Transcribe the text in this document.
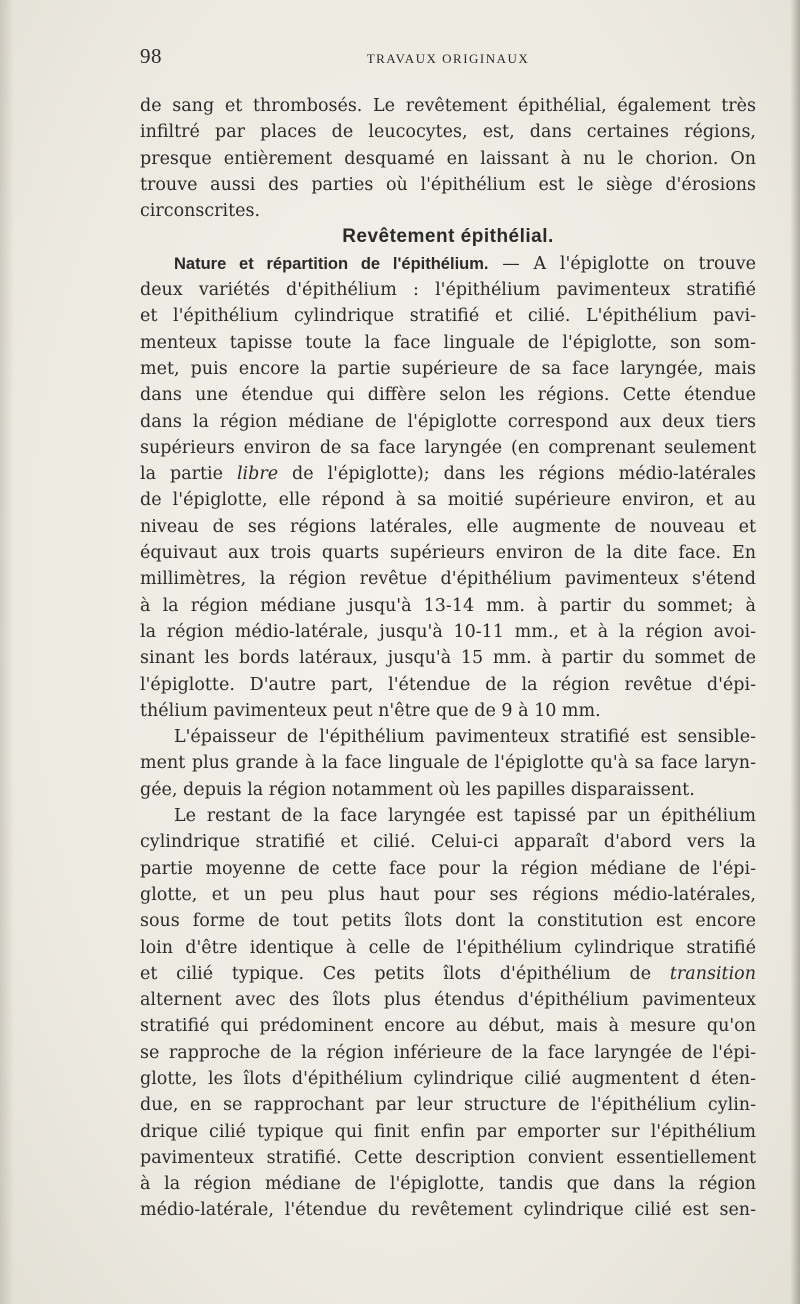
98	TRAVAUX ORIGINAUX
de sang et thrombosés. Le revêtement épithélial, également très
infiltré par places de leucocytes, est, dans certaines régions,
presque entièrement desquamé en laissant à nu le chorion. On
trouve aussi des parties où l'épithélium est le siège d'érosions
circonscrites.
Revêtement épithélial.
Nature et répartition de l'épithélium. — A l'épiglotte on trouve
deux variétés d'épithélium : l'épithélium pavimenteux stratifié
et l'épithélium cylindrique stratifié et cilié. L'épithélium pavi-
menteux tapisse toute la face linguale de l'épiglotte, son som-
met, puis encore la partie supérieure de sa face laryngée, mais
dans une étendue qui diffère selon les régions. Cette étendue
dans la région médiane de l'épiglotte correspond aux deux tiers
supérieurs environ de sa face laryngée (en comprenant seulement
la partie libre de l'épiglotte); dans les régions médio-latérales
de l'épiglotte, elle répond à sa moitié supérieure environ, et au
niveau de ses régions latérales, elle augmente de nouveau et
équivaut aux trois quarts supérieurs environ de la dite face. En
millimètres, la région revêtue d'épithélium pavimenteux s'étend
à la région médiane jusqu'à 13-14 mm. à partir du sommet; à
la région médio-latérale, jusqu'à 10-11 mm., et à la région avoi-
sinant les bords latéraux, jusqu'à 15 mm. à partir du sommet de
l'épiglotte. D'autre part, l'étendue de la région revêtue d'épi-
thélium pavimenteux peut n'être que de 9 à 10 mm.
L'épaisseur de l'épithélium pavimenteux stratifié est sensible-
ment plus grande à la face linguale de l'épiglotte qu'à sa face laryn-
gée, depuis la région notamment où les papilles disparaissent.
Le restant de la face laryngée est tapissé par un épithélium
cylindrique stratifié et cilié. Celui-ci apparaît d'abord vers la
partie moyenne de cette face pour la région médiane de l'épi-
glotte, et un peu plus haut pour ses régions médio-latérales,
sous forme de tout petits îlots dont la constitution est encore
loin d'être identique à celle de l'épithélium cylindrique stratifié
et cilié typique. Ces petits îlots d'épithélium de transition
alternent avec des îlots plus étendus d'épithélium pavimenteux
stratifié qui prédominent encore au début, mais à mesure qu'on
se rapproche de la région inférieure de la face laryngée de l'épi-
glotte, les îlots d'épithélium cylindrique cilié augmentent d éten-
due, en se rapprochant par leur structure de l'épithélium cylin-
drique cilié typique qui finit enfin par emporter sur l'épithélium
pavimenteux stratifié. Cette description convient essentiellement
à la région médiane de l'épiglotte, tandis que dans la région
médio-latérale, l'étendue du revêtement cylindrique cilié est sen-
